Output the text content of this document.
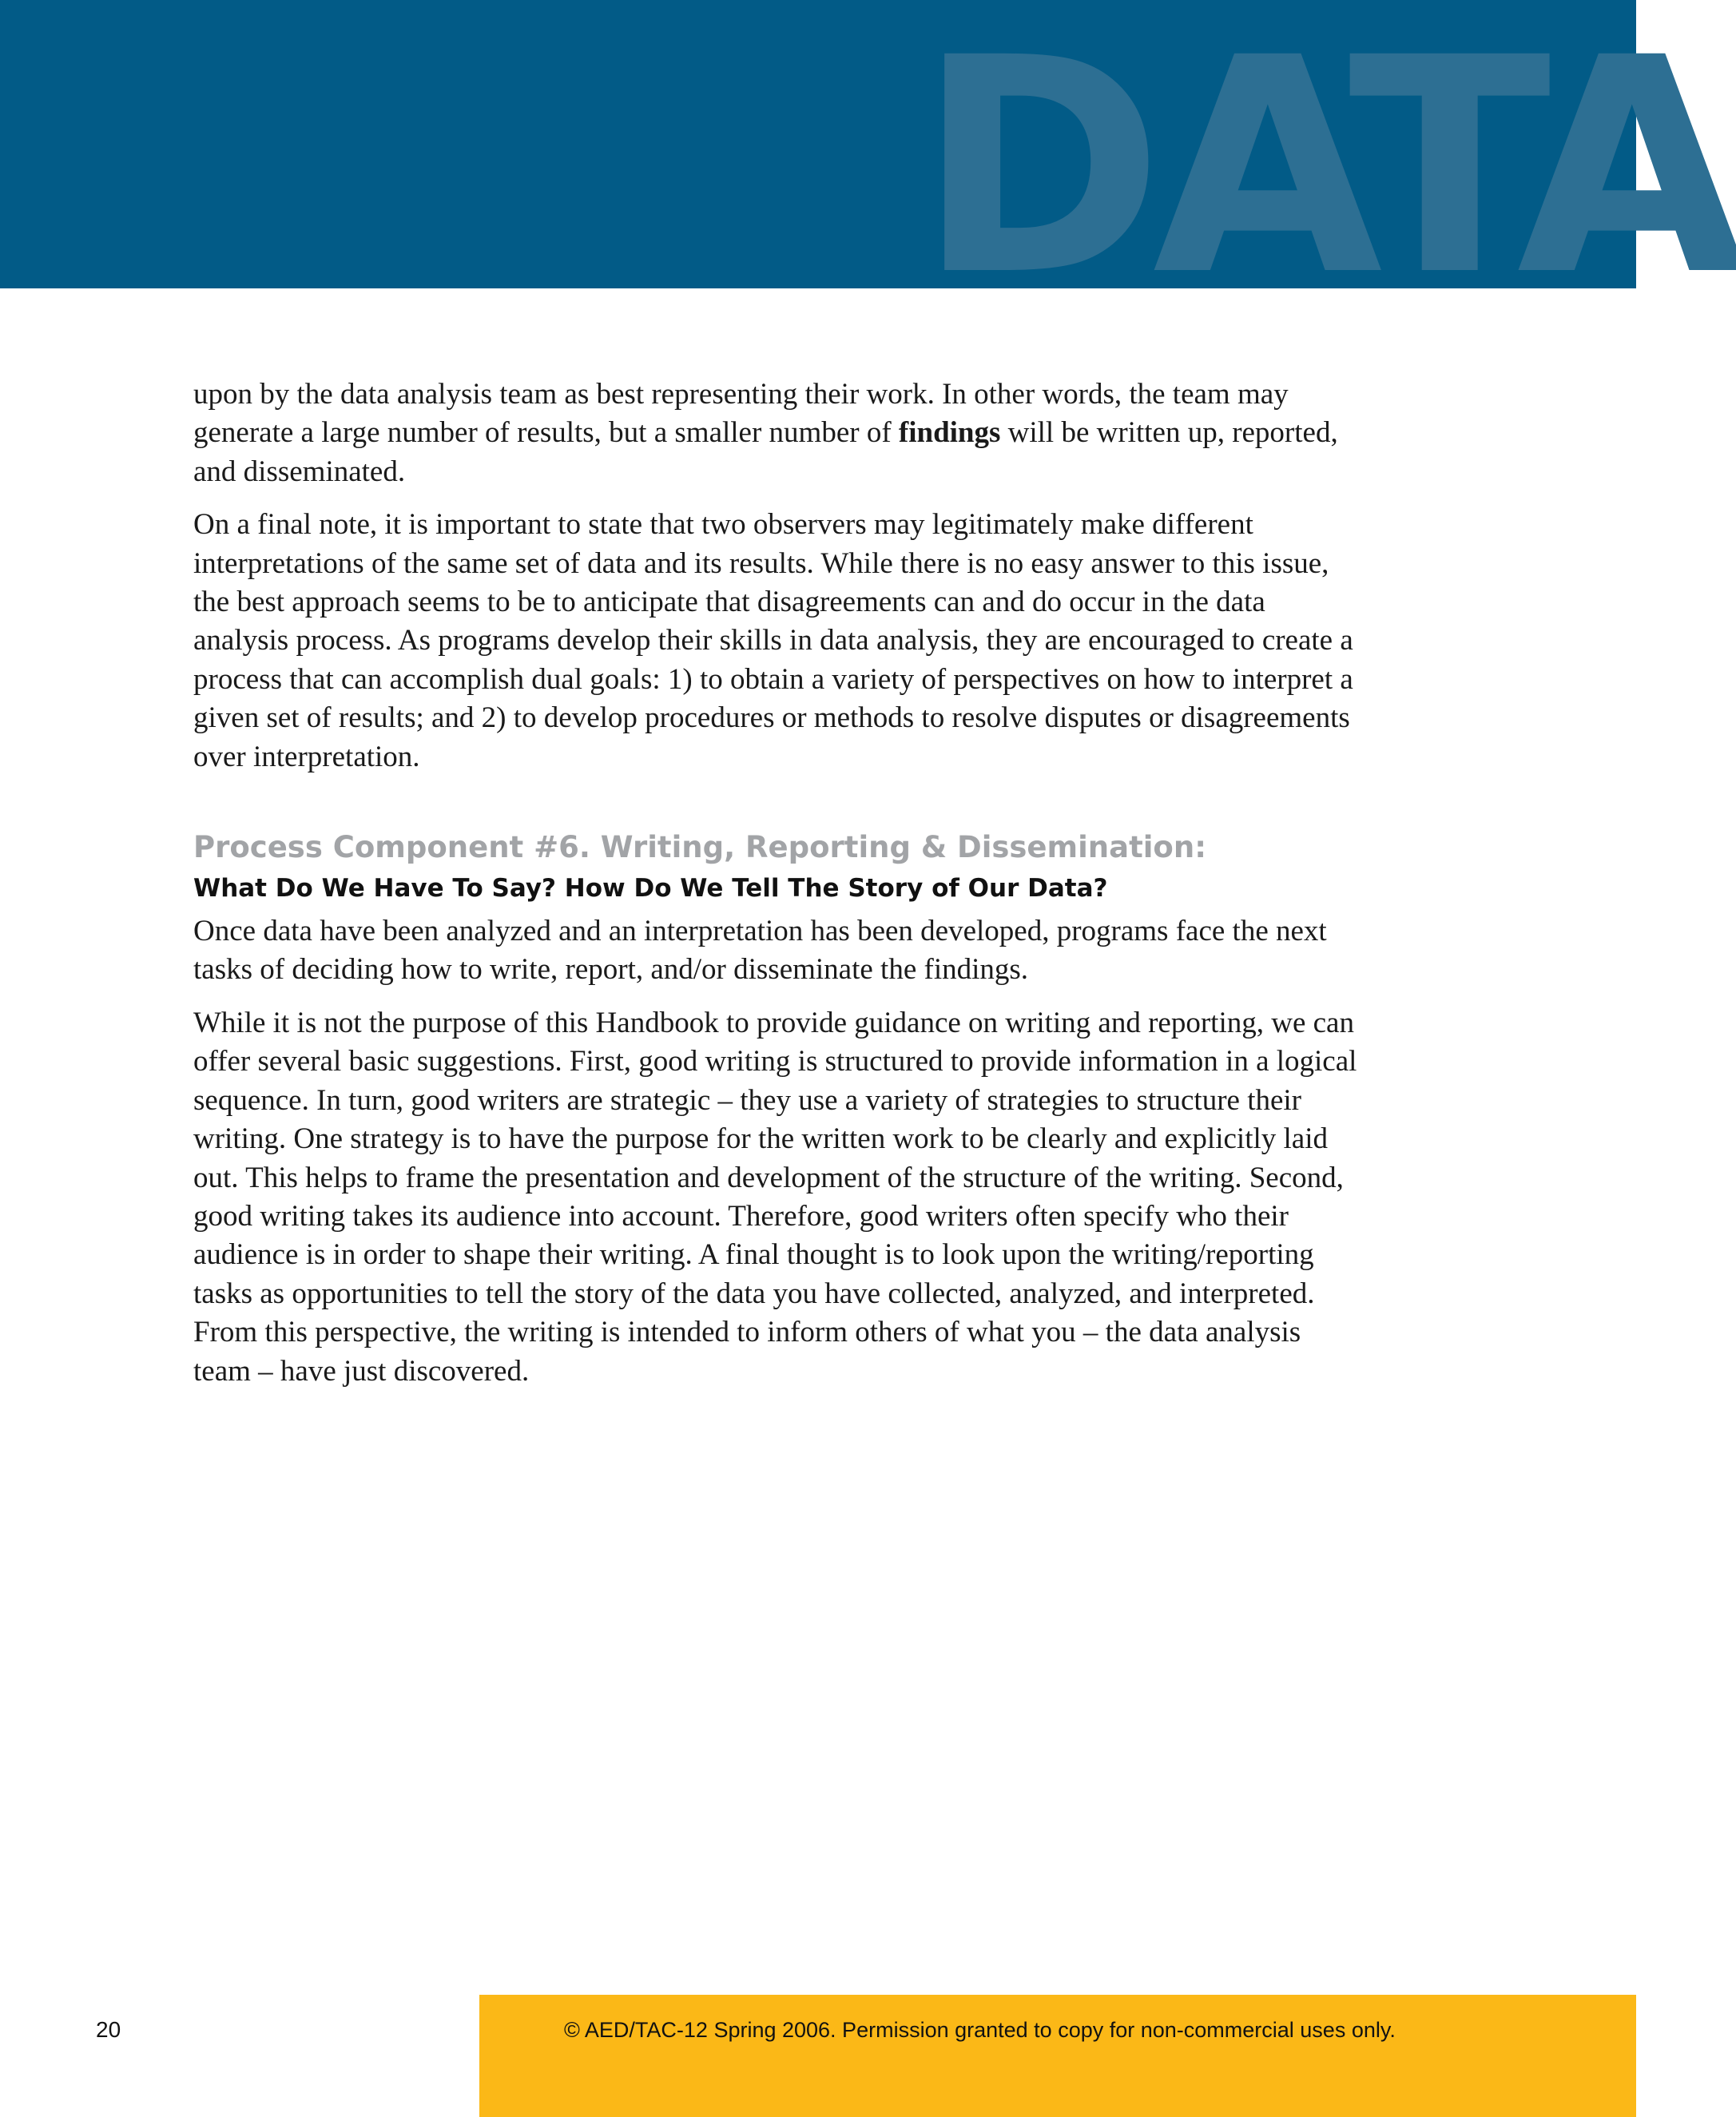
DATA

upon by the data analysis team as best representing their work. In other words, the team may generate a large number of results, but a smaller number of findings will be written up, reported, and disseminated.

On a final note, it is important to state that two observers may legitimately make different interpretations of the same set of data and its results. While there is no easy answer to this issue, the best approach seems to be to anticipate that disagreements can and do occur in the data analysis process. As programs develop their skills in data analysis, they are encouraged to create a process that can accomplish dual goals: 1) to obtain a variety of perspectives on how to interpret a given set of results; and 2) to develop procedures or methods to resolve disputes or disagreements over interpretation.

Process Component #6. Writing, Reporting & Dissemination:
What Do We Have To Say? How Do We Tell The Story of Our Data?

Once data have been analyzed and an interpretation has been developed, programs face the next tasks of deciding how to write, report, and/or disseminate the findings.

While it is not the purpose of this Handbook to provide guidance on writing and reporting, we can offer several basic suggestions. First, good writing is structured to provide information in a logical sequence. In turn, good writers are strategic – they use a variety of strategies to structure their writing. One strategy is to have the purpose for the written work to be clearly and explicitly laid out. This helps to frame the presentation and development of the structure of the writing. Second, good writing takes its audience into account. Therefore, good writers often specify who their audience is in order to shape their writing. A final thought is to look upon the writing/reporting tasks as opportunities to tell the story of the data you have collected, analyzed, and interpreted. From this perspective, the writing is intended to inform others of what you – the data analysis team – have just discovered.

20	© AED/TAC-12 Spring 2006. Permission granted to copy for non-commercial uses only.
